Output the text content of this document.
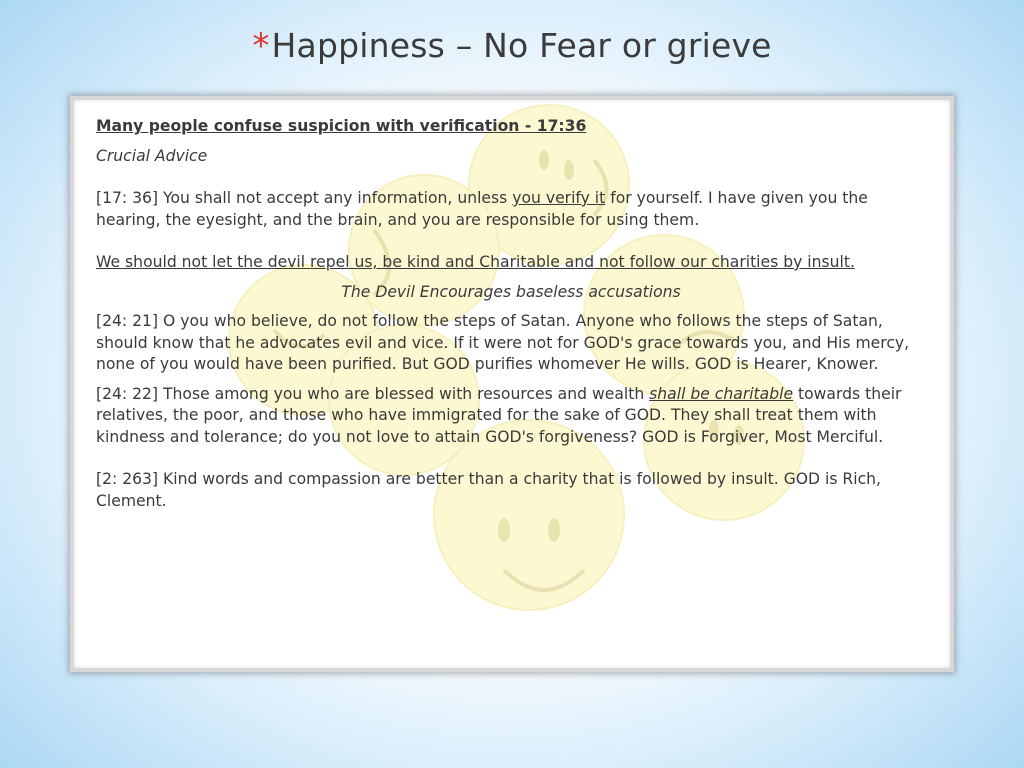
*Happiness – No Fear or grieve

Many people confuse suspicion with verification - 17:36

Crucial Advice

[17: 36] You shall not accept any information, unless you verify it for yourself. I have given you the hearing, the eyesight, and the brain, and you are responsible for using them.

We should not let the devil repel us, be kind and Charitable and not follow our charities by insult.

The Devil Encourages baseless accusations

[24: 21] O you who believe, do not follow the steps of Satan. Anyone who follows the steps of Satan, should know that he advocates evil and vice. If it were not for GOD's grace towards you, and His mercy, none of you would have been purified. But GOD purifies whomever He wills. GOD is Hearer, Knower.

[24: 22] Those among you who are blessed with resources and wealth shall be charitable towards their relatives, the poor, and those who have immigrated for the sake of GOD. They shall treat them with kindness and tolerance; do you not love to attain GOD's forgiveness? GOD is Forgiver, Most Merciful.

[2: 263] Kind words and compassion are better than a charity that is followed by insult. GOD is Rich, Clement.
